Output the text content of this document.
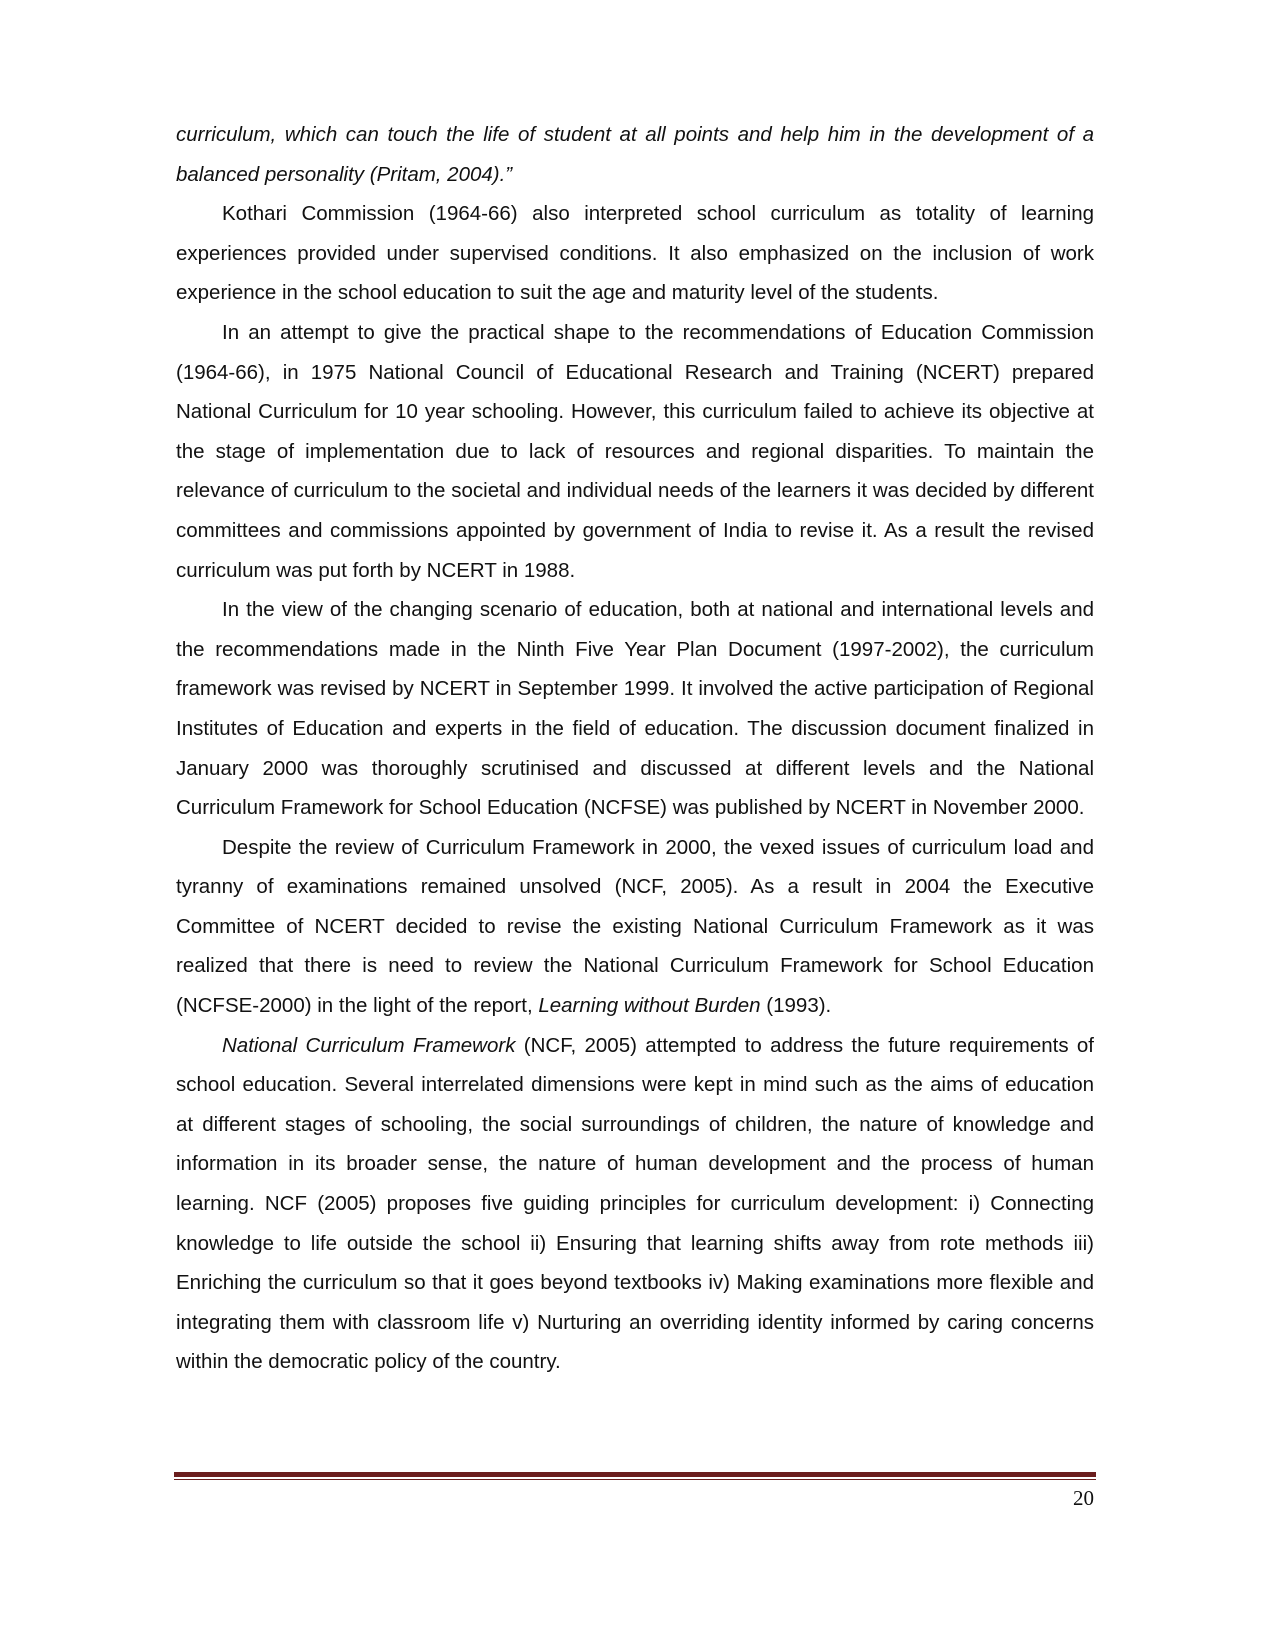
curriculum, which can touch the life of student at all points and help him in the development of a balanced personality (Pritam, 2004).”

Kothari Commission (1964-66) also interpreted school curriculum as totality of learning experiences provided under supervised conditions. It also emphasized on the inclusion of work experience in the school education to suit the age and maturity level of the students.

In an attempt to give the practical shape to the recommendations of Education Commission (1964-66), in 1975 National Council of Educational Research and Training (NCERT) prepared National Curriculum for 10 year schooling. However, this curriculum failed to achieve its objective at the stage of implementation due to lack of resources and regional disparities. To maintain the relevance of curriculum to the societal and individual needs of the learners it was decided by different committees and commissions appointed by government of India to revise it. As a result the revised curriculum was put forth by NCERT in 1988.

In the view of the changing scenario of education, both at national and international levels and the recommendations made in the Ninth Five Year Plan Document (1997-2002), the curriculum framework was revised by NCERT in September 1999. It involved the active participation of Regional Institutes of Education and experts in the field of education. The discussion document finalized in January 2000 was thoroughly scrutinised and discussed at different levels and the National Curriculum Framework for School Education (NCFSE) was published by NCERT in November 2000.

Despite the review of Curriculum Framework in 2000, the vexed issues of curriculum load and tyranny of examinations remained unsolved (NCF, 2005). As a result in 2004 the Executive Committee of NCERT decided to revise the existing National Curriculum Framework as it was realized that there is need to review the National Curriculum Framework for School Education (NCFSE-2000) in the light of the report, Learning without Burden (1993).

National Curriculum Framework (NCF, 2005) attempted to address the future requirements of school education. Several interrelated dimensions were kept in mind such as the aims of education at different stages of schooling, the social surroundings of children, the nature of knowledge and information in its broader sense, the nature of human development and the process of human learning. NCF (2005) proposes five guiding principles for curriculum development: i) Connecting knowledge to life outside the school ii) Ensuring that learning shifts away from rote methods iii) Enriching the curriculum so that it goes beyond textbooks iv) Making examinations more flexible and integrating them with classroom life v) Nurturing an overriding identity informed by caring concerns within the democratic policy of the country.

20
